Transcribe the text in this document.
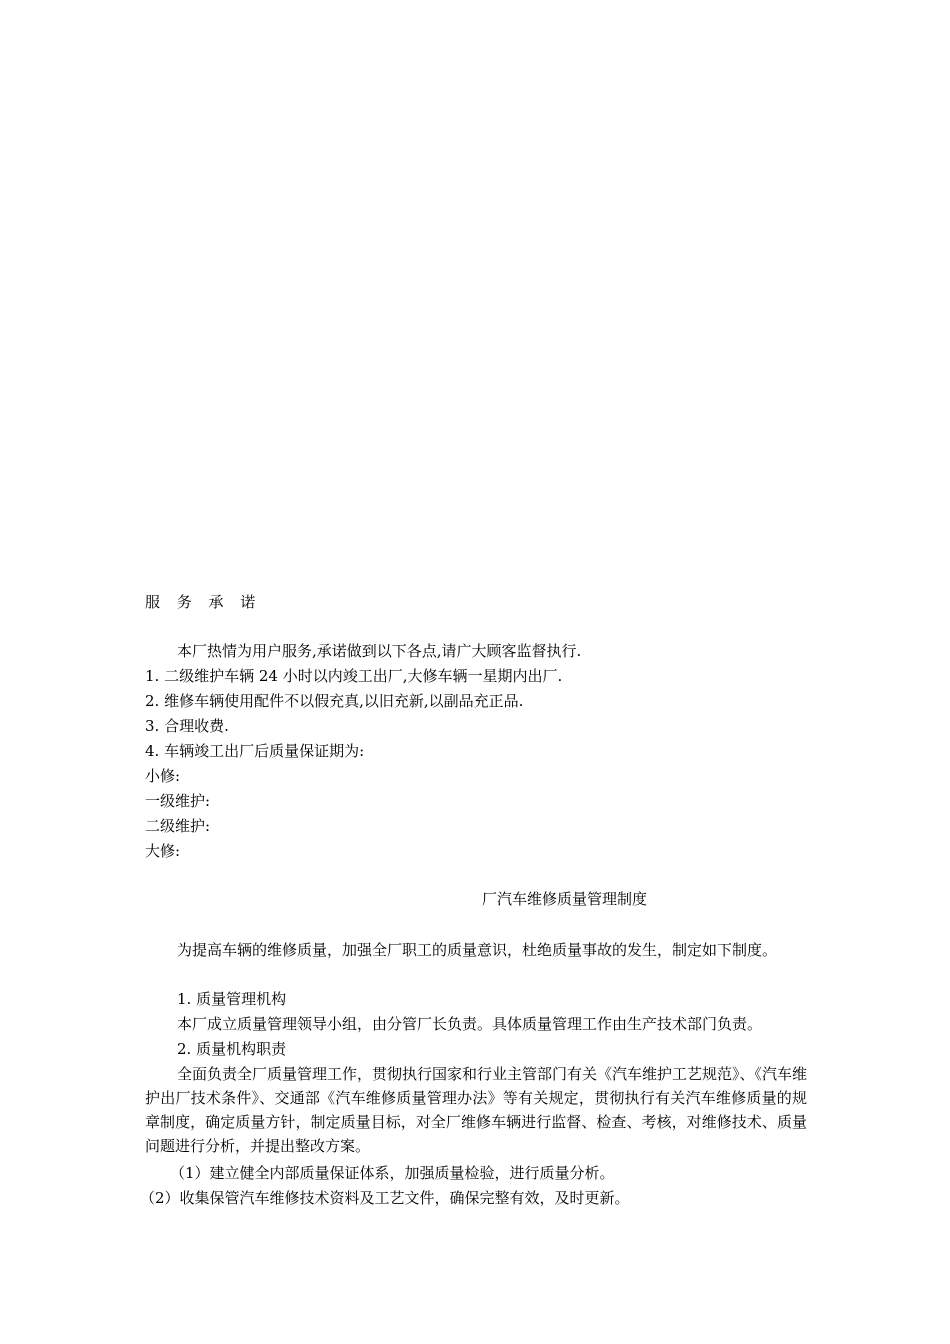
服 务 承 诺
本厂热情为用户服务,承诺做到以下各点,请广大顾客监督执行.
1. 二级维护车辆 24 小时以内竣工出厂,大修车辆一星期内出厂.
2. 维修车辆使用配件不以假充真,以旧充新,以副品充正品.
3. 合理收费.
4. 车辆竣工出厂后质量保证期为:
小修:
一级维护:
二级维护:
大修:
厂汽车维修质量管理制度

为提高车辆的维修质量，加强全厂职工的质量意识，杜绝质量事故的发生，制定如下制度。

1. 质量管理机构
本厂成立质量管理领导小组，由分管厂长负责。具体质量管理工作由生产技术部门负责。
2. 质量机构职责

全面负责全厂质量管理工作，贯彻执行国家和行业主管部门有关《汽车维护工艺规范》、《汽车维护出厂技术条件》、交通部《汽车维修质量管理办法》等有关规定，贯彻执行有关汽车维修质量的规章制度，确定质量方针，制定质量目标，对全厂维修车辆进行监督、检查、考核，对维修技术、质量问题进行分析，并提出整改方案。

（1）建立健全内部质量保证体系，加强质量检验，进行质量分析。
（2）收集保管汽车维修技术资料及工艺文件，确保完整有效，及时更新。
